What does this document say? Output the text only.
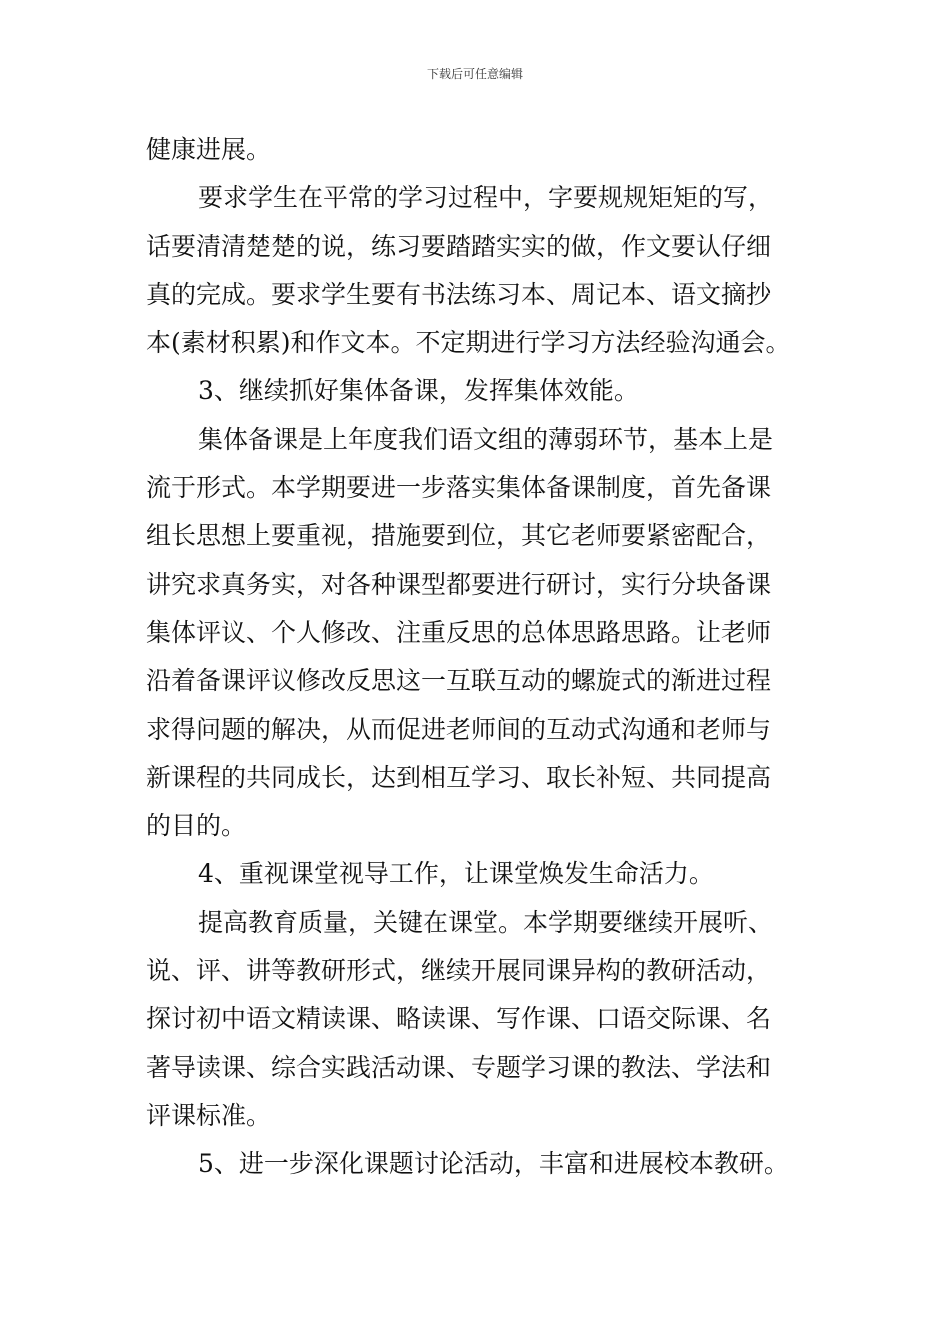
下载后可任意编辑
健康进展。
要求学生在平常的学习过程中，字要规规矩矩的写，
话要清清楚楚的说，练习要踏踏实实的做，作文要认仔细
真的完成。要求学生要有书法练习本、周记本、语文摘抄
本(素材积累)和作文本。不定期进行学习方法经验沟通会。
3、继续抓好集体备课，发挥集体效能。
集体备课是上年度我们语文组的薄弱环节，基本上是
流于形式。本学期要进一步落实集体备课制度，首先备课
组长思想上要重视，措施要到位，其它老师要紧密配合，
讲究求真务实，对各种课型都要进行研讨，实行分块备课
集体评议、个人修改、注重反思的总体思路思路。让老师
沿着备课评议修改反思这一互联互动的螺旋式的渐进过程
求得问题的解决，从而促进老师间的互动式沟通和老师与
新课程的共同成长，达到相互学习、取长补短、共同提高
的目的。
4、重视课堂视导工作，让课堂焕发生命活力。
提高教育质量，关键在课堂。本学期要继续开展听、
说、评、讲等教研形式，继续开展同课异构的教研活动，
探讨初中语文精读课、略读课、写作课、口语交际课、名
著导读课、综合实践活动课、专题学习课的教法、学法和
评课标准。
5、进一步深化课题讨论活动，丰富和进展校本教研。
